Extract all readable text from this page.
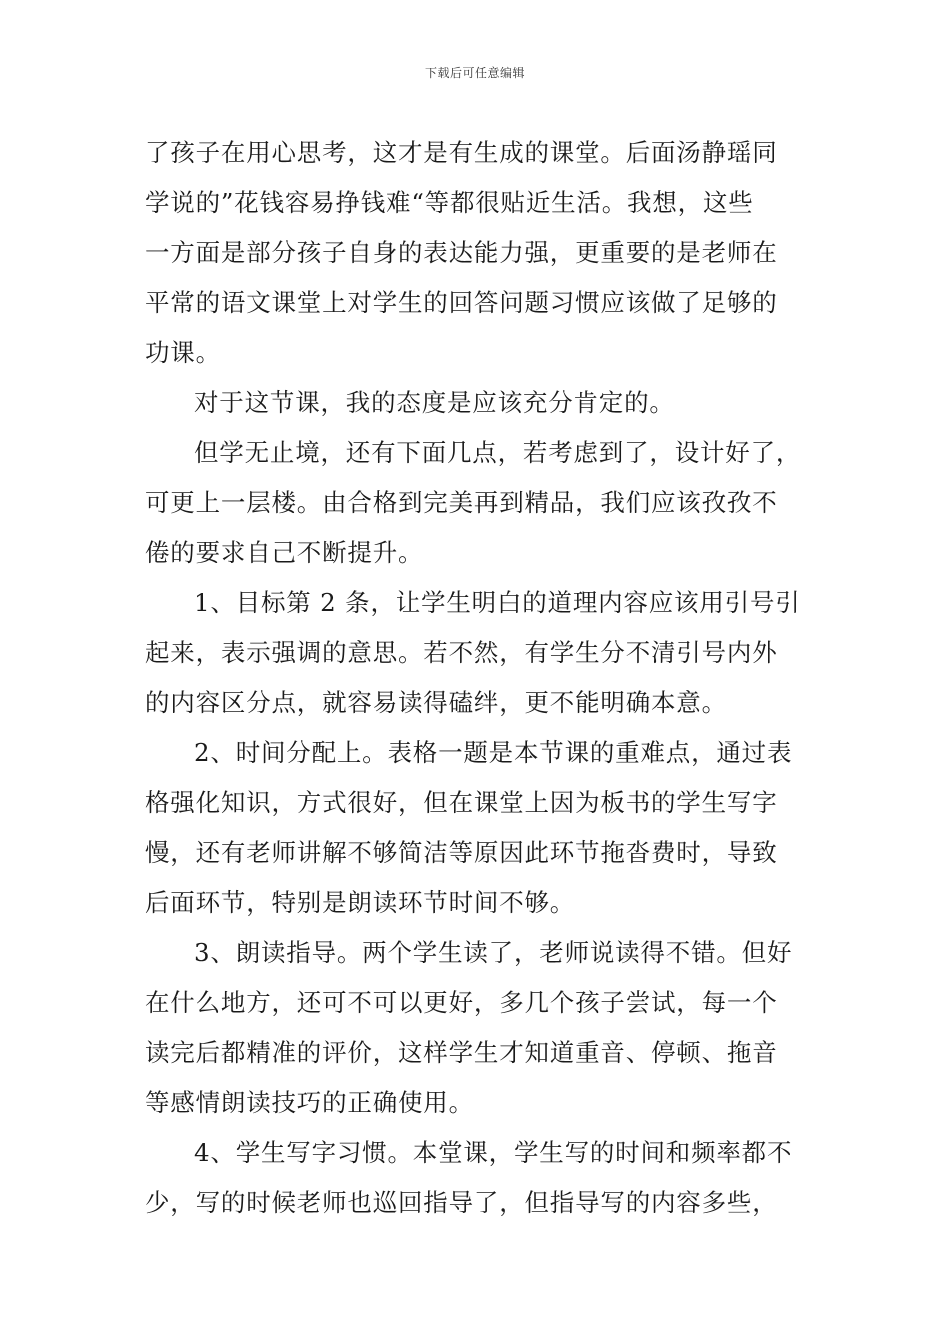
下载后可任意编辑
了孩子在用心思考，这才是有生成的课堂。后面汤静瑶同
学说的”花钱容易挣钱难“等都很贴近生活。我想，这些
一方面是部分孩子自身的表达能力强，更重要的是老师在
平常的语文课堂上对学生的回答问题习惯应该做了足够的
功课。
对于这节课，我的态度是应该充分肯定的。
但学无止境，还有下面几点，若考虑到了，设计好了，
可更上一层楼。由合格到完美再到精品，我们应该孜孜不
倦的要求自己不断提升。
1、目标第 2 条，让学生明白的道理内容应该用引号引
起来，表示强调的意思。若不然，有学生分不清引号内外
的内容区分点，就容易读得磕绊，更不能明确本意。
2、时间分配上。表格一题是本节课的重难点，通过表
格强化知识，方式很好，但在课堂上因为板书的学生写字
慢，还有老师讲解不够简洁等原因此环节拖沓费时，导致
后面环节，特别是朗读环节时间不够。
3、朗读指导。两个学生读了，老师说读得不错。但好
在什么地方，还可不可以更好，多几个孩子尝试，每一个
读完后都精准的评价，这样学生才知道重音、停顿、拖音
等感情朗读技巧的正确使用。
4、学生写字习惯。本堂课，学生写的时间和频率都不
少，写的时候老师也巡回指导了，但指导写的内容多些，
